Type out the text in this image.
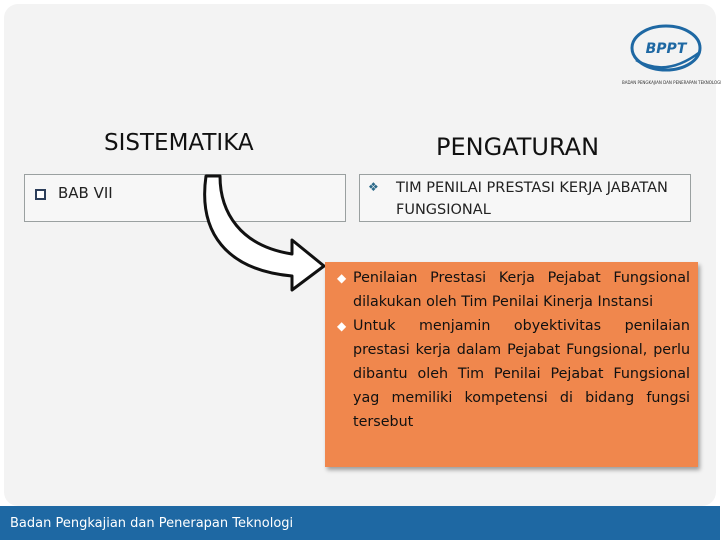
BPPT
BADAN PENGKAJIAN DAN PENERAPAN TEKNOLOGI
SISTEMATIKA	PENGATURAN
BAB VII	❖ TIM PENILAI PRESTASI KERJA JABATAN FUNGSIONAL
◆ Penilaian Prestasi Kerja Pejabat Fungsional dilakukan oleh Tim Penilai Kinerja Instansi
◆ Untuk menjamin obyektivitas penilaian prestasi kerja dalam Pejabat Fungsional, perlu dibantu oleh Tim Penilai Pejabat Fungsional yag memiliki kompetensi di bidang fungsi tersebut
Badan Pengkajian dan Penerapan Teknologi
